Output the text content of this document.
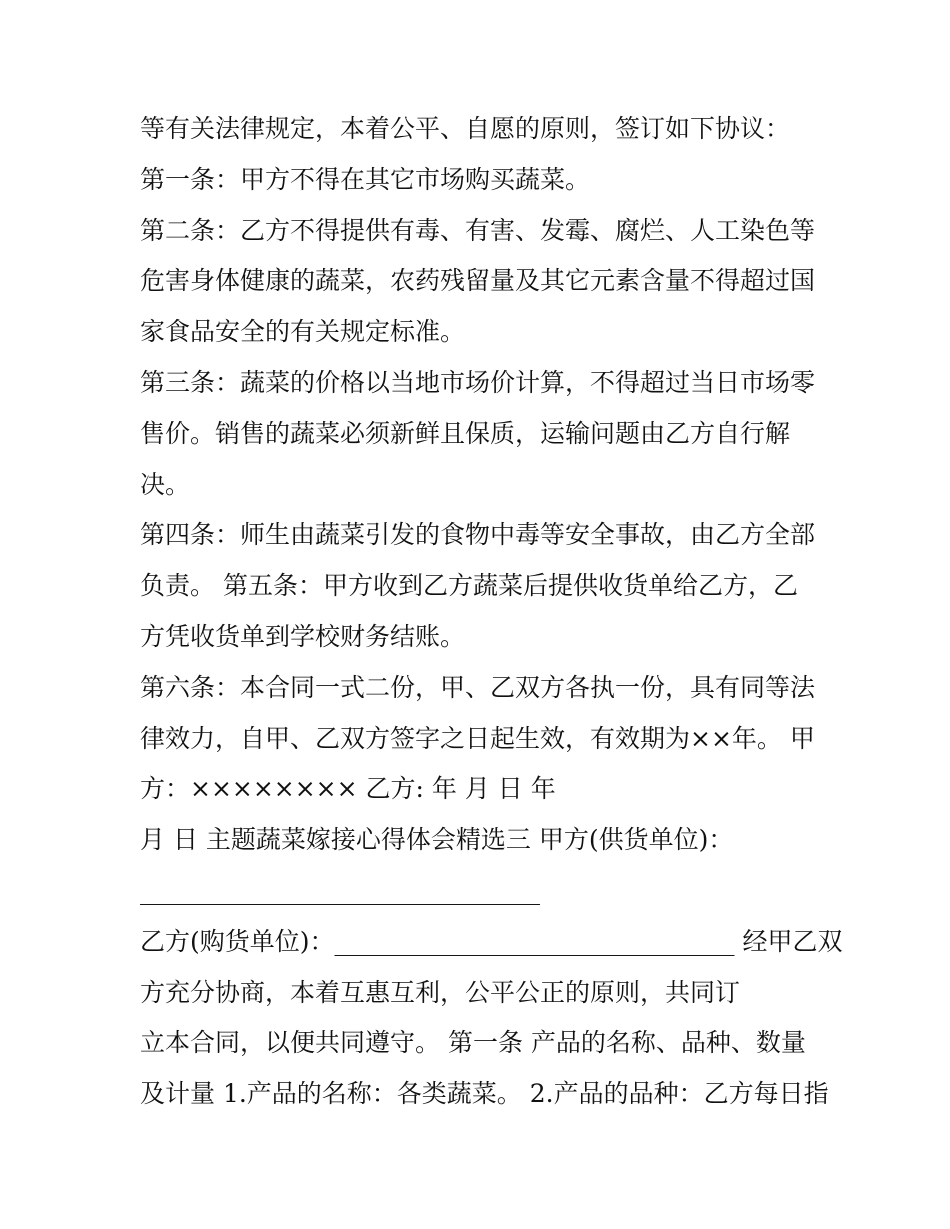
等有关法律规定，本着公平、自愿的原则，签订如下协议：
第一条：甲方不得在其它市场购买蔬菜。
第二条：乙方不得提供有毒、有害、发霉、腐烂、人工染色等
危害身体健康的蔬菜，农药残留量及其它元素含量不得超过国
家食品安全的有关规定标准。
第三条：蔬菜的价格以当地市场价计算，不得超过当日市场零
售价。销售的蔬菜必须新鲜且保质，运输问题由乙方自行解
决。
第四条：师生由蔬菜引发的食物中毒等安全事故，由乙方全部
负责。 第五条：甲方收到乙方蔬菜后提供收货单给乙方，乙
方凭收货单到学校财务结账。
第六条：本合同一式二份，甲、乙双方各执一份，具有同等法
律效力，自甲、乙双方签字之日起生效，有效期为××年。 甲
方：×××××××× 乙方: 年 月 日 年
月 日 主题蔬菜嫁接心得体会精选三 甲方(供货单位)：
________________________________
乙方(购货单位)：________________________________ 经甲乙双
方充分协商，本着互惠互利，公平公正的原则，共同订
立本合同，以便共同遵守。 第一条 产品的名称、品种、数量
及计量 1.产品的名称：各类蔬菜。 2.产品的品种：乙方每日指
